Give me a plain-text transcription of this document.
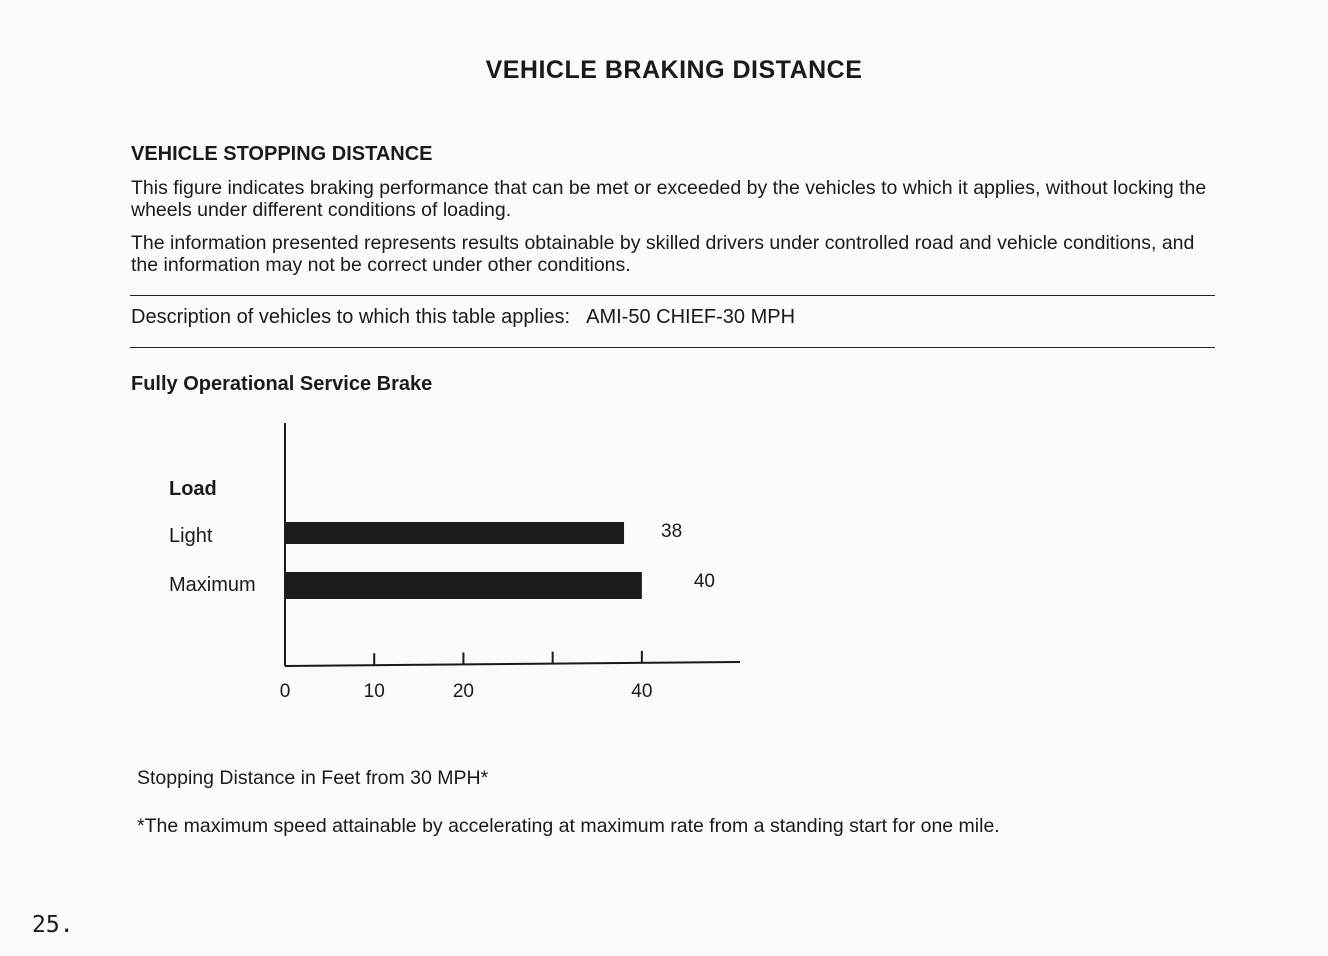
VEHICLE BRAKING DISTANCE
VEHICLE STOPPING DISTANCE
This figure indicates braking performance that can be met or exceeded by the vehicles to which it applies, without locking the wheels under different conditions of loading.
The information presented represents results obtainable by skilled drivers under controlled road and vehicle conditions, and the information may not be correct under other conditions.
Description of vehicles to which this table applies: AMI-50 CHIEF-30 MPH
Fully Operational Service Brake
Load
Light
Maximum
38
40
0	10	20	40
Stopping Distance in Feet from 30 MPH*
*The maximum speed attainable by accelerating at maximum rate from a standing start for one mile.
25.
